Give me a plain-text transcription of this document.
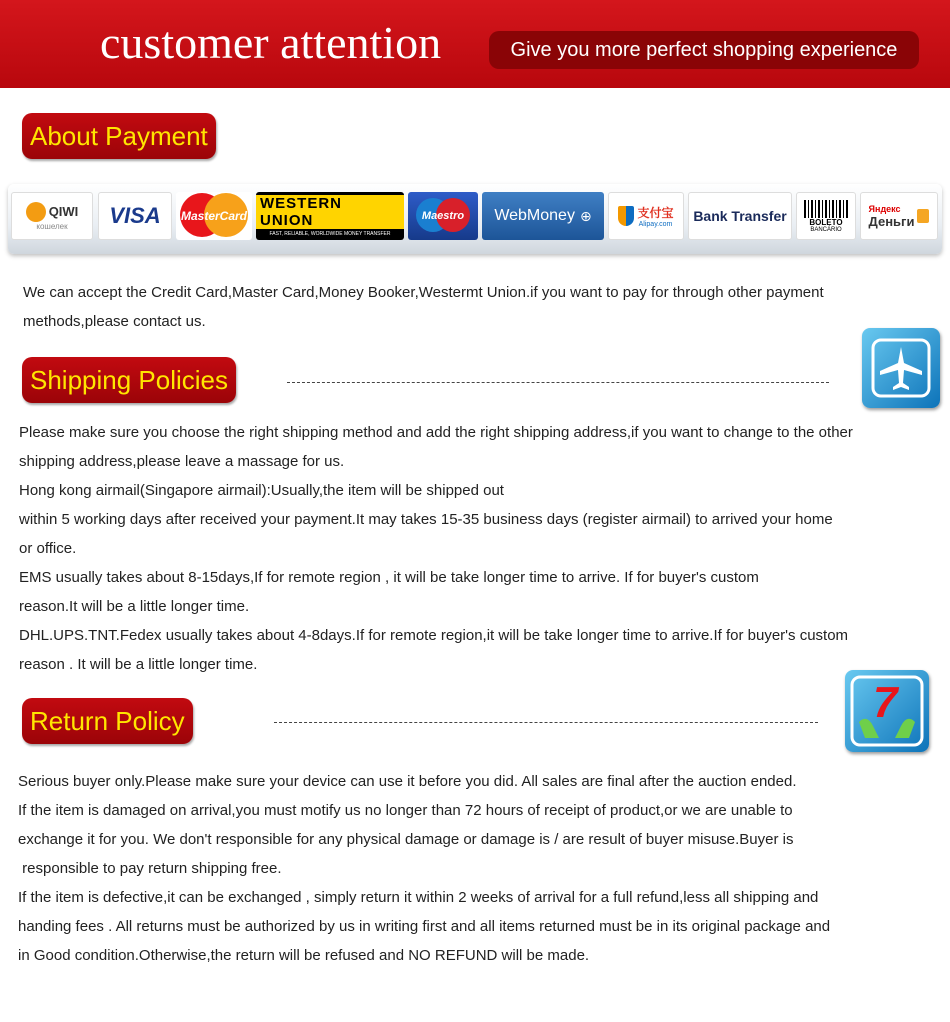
customer attention	Give you more perfect shopping experience
About Payment
QIWI
кошелек	VISA	MasterCard
WESTERN UNION
FAST, RELIABLE, WORLDWIDE MONEY TRANSFER
Maestro WebMoney ⊕	支付宝
Alipay.com
Bank Transfer	BOLETO
BANCÁRIO
Яндекс
Деньги
We can accept the Credit Card,Master Card,Money Booker,Westermt Union.if you want to pay for through other payment
methods,please contact us.
Shipping Policies
Please make sure you choose the right shipping method and add the right shipping address,if you want to change to the other
shipping address,please leave a massage for us.
Hong kong airmail(Singapore airmail):Usually,the item will be shipped out
within 5 working days after received your payment.It may takes 15-35 business days (register airmail) to arrived your home
or office.
EMS usually takes about 8-15days,If for remote region , it will be take longer time to arrive. If for buyer's custom
reason.It will be a little longer time.
DHL.UPS.TNT.Fedex usually takes about 4-8days.If for remote region,it will be take longer time to arrive.If for buyer's custom
reason . It will be a little longer time.
Return Policy	7
Serious buyer only.Please make sure your device can use it before you did. All sales are final after the auction ended.
If the item is damaged on arrival,you must motify us no longer than 72 hours of receipt of product,or we are unable to
exchange it for you. We don't responsible for any physical damage or damage is / are result of buyer misuse.Buyer is
responsible to pay return shipping free.
If the item is defective,it can be exchanged , simply return it within 2 weeks of arrival for a full refund,less all shipping and
handing fees . All returns must be authorized by us in writing first and all items returned must be in its original package and
in Good condition.Otherwise,the return will be refused and NO REFUND will be made.
